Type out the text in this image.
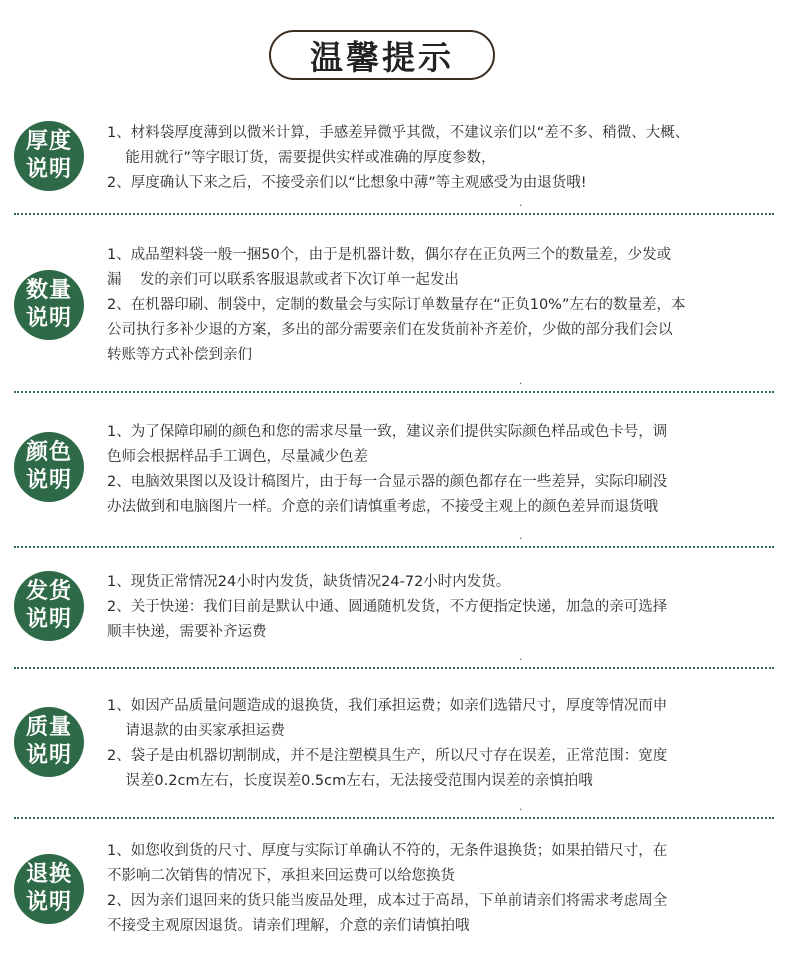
温馨提示
厚度
说明
1、材料袋厚度薄到以微米计算，手感差异微乎其微，不建议亲们以“差不多、稍微、大概、
能用就行”等字眼订货，需要提供实样或准确的厚度参数，
2、厚度确认下来之后，不接受亲们以“比想象中薄”等主观感受为由退货哦!
.
数量
说明
1、成品塑料袋一般一捆50个，由于是机器计数，偶尔存在正负两三个的数量差，少发或
漏    发的亲们可以联系客服退款或者下次订单一起发出
2、在机器印刷、制袋中，定制的数量会与实际订单数量存在“正负10%”左右的数量差，本
公司执行多补少退的方案，多出的部分需要亲们在发货前补齐差价，少做的部分我们会以
转账等方式补偿到亲们
.
颜色
说明
1、为了保障印刷的颜色和您的需求尽量一致，建议亲们提供实际颜色样品或色卡号，调
色师会根据样品手工调色，尽量减少色差
2、电脑效果图以及设计稿图片，由于每一合显示器的颜色都存在一些差异，实际印刷没
办法做到和电脑图片一样。介意的亲们请慎重考虑，不接受主观上的颜色差异而退货哦
.
发货
说明
1、现货正常情况24小时内发货，缺货情况24-72小时内发货。
2、关于快递：我们目前是默认中通、圆通随机发货，不方便指定快递，加急的亲可选择
顺丰快递，需要补齐运费
.
质量
说明
1、如因产品质量问题造成的退换货，我们承担运费；如亲们选错尺寸，厚度等情况而申
请退款的由买家承担运费
2、袋子是由机器切割制成，并不是注塑模具生产，所以尺寸存在误差，正常范围：宽度
误差0.2cm左右，长度误差0.5cm左右，无法接受范围内误差的亲慎拍哦
.
退换
说明
1、如您收到货的尺寸、厚度与实际订单确认不符的，无条件退换货；如果拍错尺寸，在
不影响二次销售的情况下，承担来回运费可以给您换货
2、因为亲们退回来的货只能当废品处理，成本过于高昂，下单前请亲们将需求考虑周全
不接受主观原因退货。请亲们理解，介意的亲们请慎拍哦
